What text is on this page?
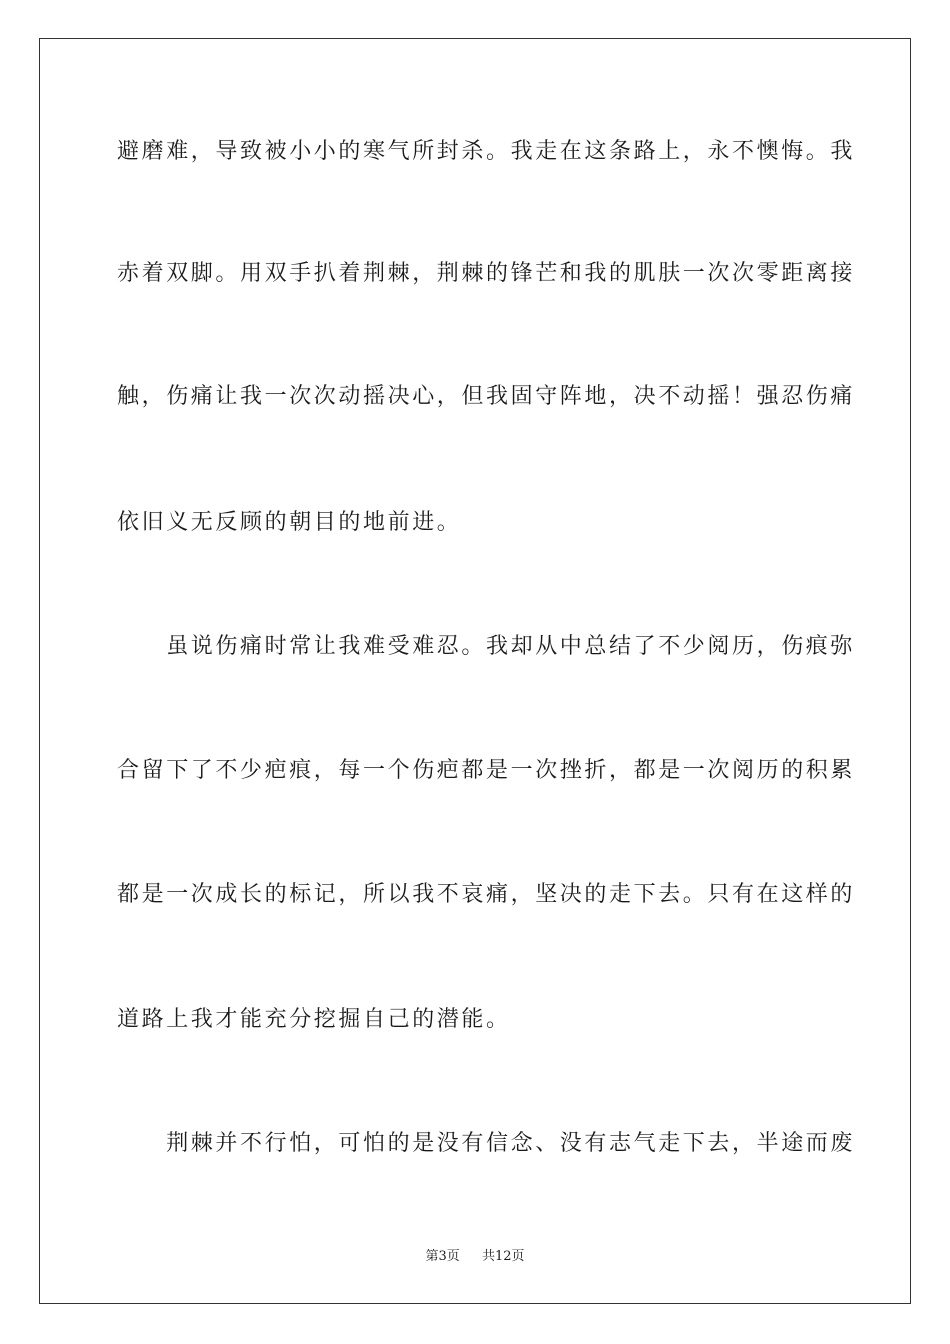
避磨难，导致被小小的寒气所封杀。我走在这条路上，永不懊悔。我
赤着双脚。用双手扒着荆棘，荆棘的锋芒和我的肌肤一次次零距离接
触，伤痛让我一次次动摇决心，但我固守阵地，决不动摇！强忍伤痛
依旧义无反顾的朝目的地前进。
　　虽说伤痛时常让我难受难忍。我却从中总结了不少阅历，伤痕弥
合留下了不少疤痕，每一个伤疤都是一次挫折，都是一次阅历的积累
都是一次成长的标记，所以我不哀痛，坚决的走下去。只有在这样的
道路上我才能充分挖掘自己的潜能。
　　荆棘并不行怕，可怕的是没有信念、没有志气走下去，半途而废
第3页 共12页
